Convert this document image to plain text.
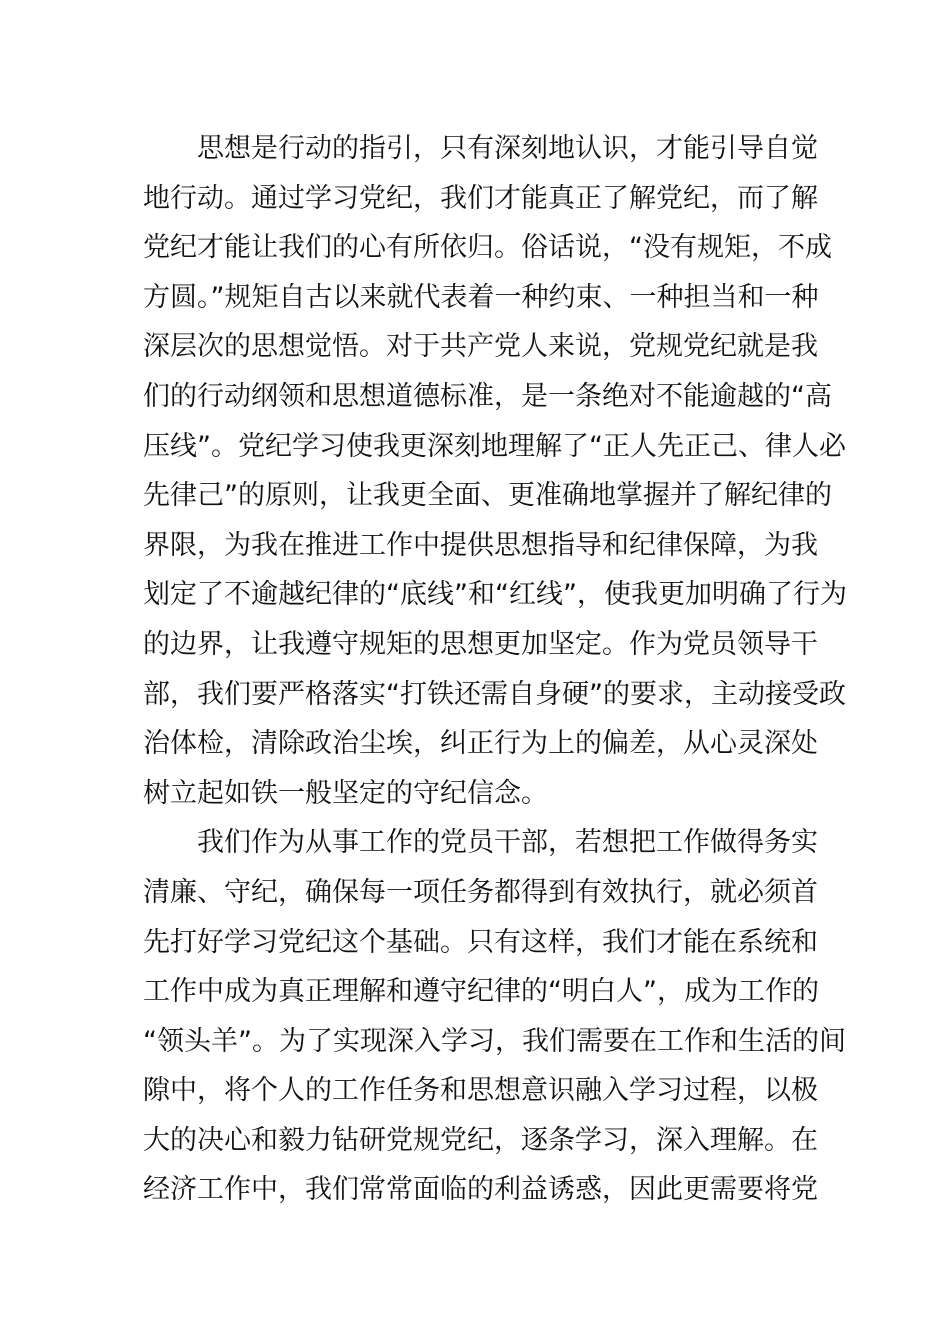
思想是行动的指引，只有深刻地认识，才能引导自觉
地行动。通过学习党纪，我们才能真正了解党纪，而了解
党纪才能让我们的心有所依归。俗话说，“没有规矩，不成
方圆。”规矩自古以来就代表着一种约束、一种担当和一种
深层次的思想觉悟。对于共产党人来说，党规党纪就是我
们的行动纲领和思想道德标准，是一条绝对不能逾越的“高
压线”。党纪学习使我更深刻地理解了“正人先正己、律人必
先律己”的原则，让我更全面、更准确地掌握并了解纪律的
界限，为我在推进工作中提供思想指导和纪律保障，为我
划定了不逾越纪律的“底线”和“红线”，使我更加明确了行为
的边界，让我遵守规矩的思想更加坚定。作为党员领导干
部，我们要严格落实“打铁还需自身硬”的要求，主动接受政
治体检，清除政治尘埃，纠正行为上的偏差，从心灵深处
树立起如铁一般坚定的守纪信念。
我们作为从事工作的党员干部，若想把工作做得务实
清廉、守纪，确保每一项任务都得到有效执行，就必须首
先打好学习党纪这个基础。只有这样，我们才能在系统和
工作中成为真正理解和遵守纪律的“明白人”，成为工作的
“领头羊”。为了实现深入学习，我们需要在工作和生活的间
隙中，将个人的工作任务和思想意识融入学习过程，以极
大的决心和毅力钻研党规党纪，逐条学习，深入理解。在
经济工作中，我们常常面临的利益诱惑，因此更需要将党
